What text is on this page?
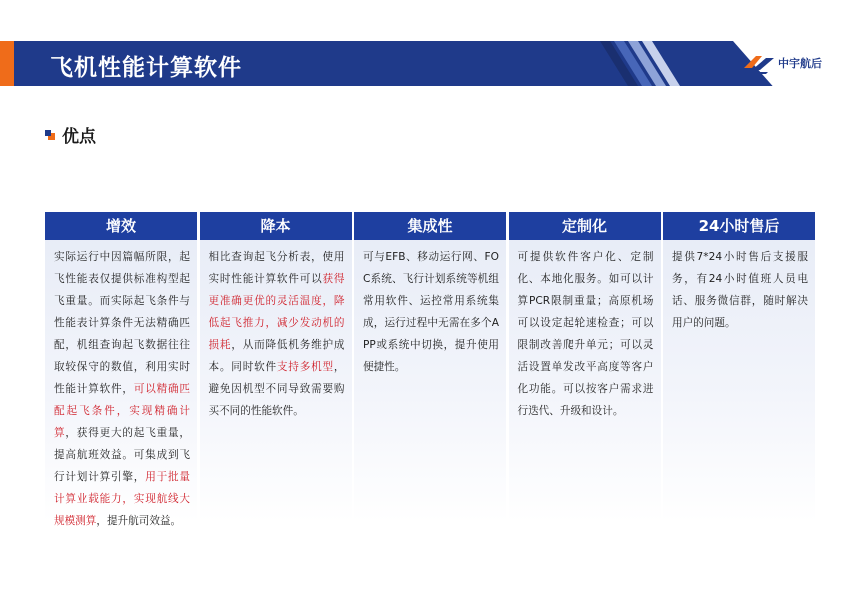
飞机性能计算软件	中宇航后
优点
增效
实际运行中因篇幅所限，起飞性能表仅提供标准构型起飞重量。而实际起飞条件与性能表计算条件无法精确匹配，机组查询起飞数据往往取较保守的数值，利用实时性能计算软件，可以精确匹配起飞条件，实现精确计算，获得更大的起飞重量，提高航班效益。可集成到飞行计划计算引擎，用于批量计算业载能力，实现航线大规模测算，提升航司效益。
降本
相比查询起飞分析表，使用实时性能计算软件可以获得更准确更优的灵活温度，降低起飞推力，减少发动机的损耗，从而降低机务维护成本。同时软件支持多机型，避免因机型不同导致需要购买不同的性能软件。
集成性
可与EFB、移动运行网、FOC系统、飞行计划系统等机组常用软件、运控常用系统集成，运行过程中无需在多个APP或系统中切换，提升使用便捷性。
定制化
可提供软件客户化、定制化、本地化服务。如可以计算PCR限制重量；高原机场可以设定起轮速检查；可以限制改善爬升单元；可以灵活设置单发改平高度等客户化功能。可以按客户需求进行迭代、升级和设计。
24小时售后
提供7*24小时售后支援服务，有24小时值班人员电话、服务微信群，随时解决用户的问题。
